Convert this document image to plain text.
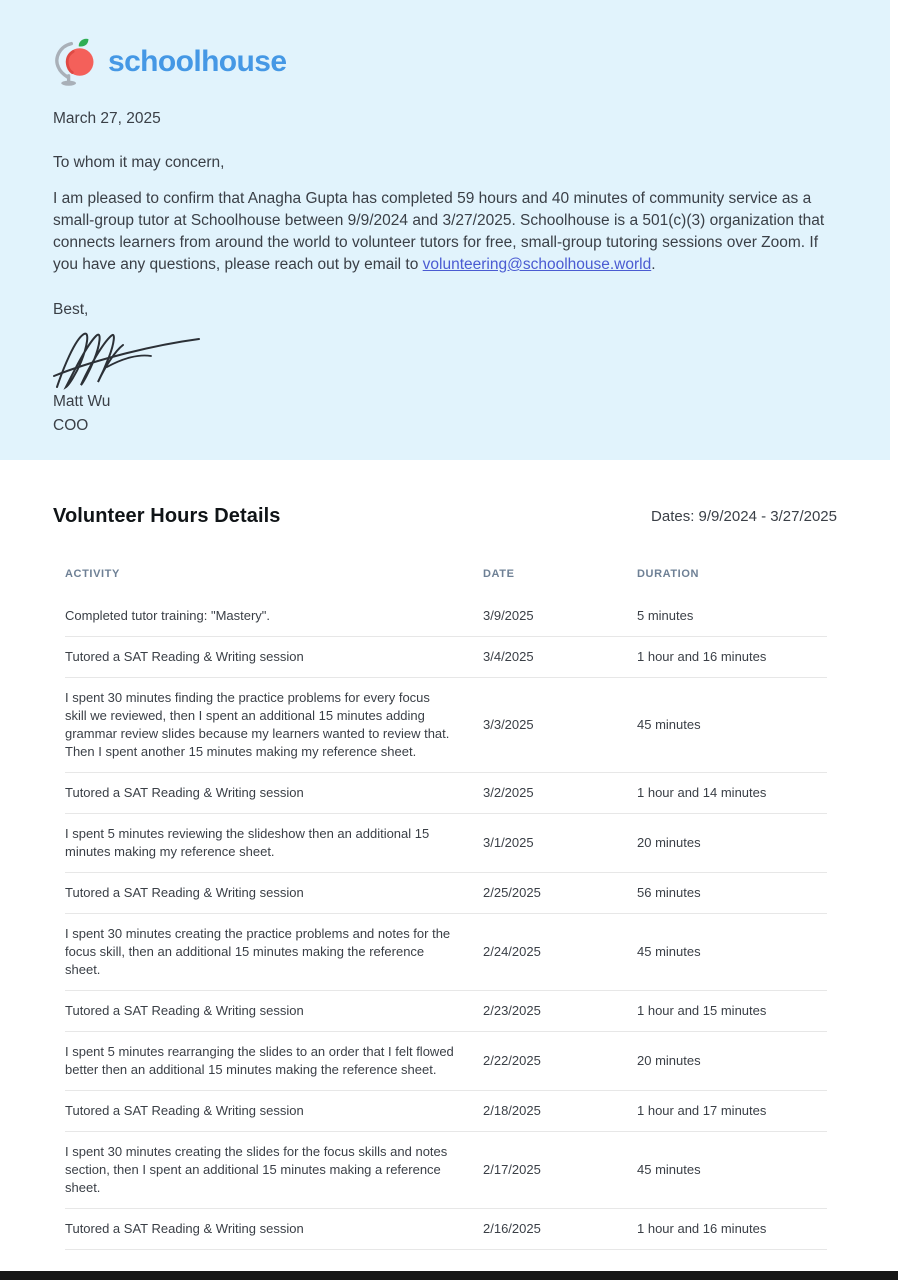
schoolhouse

March 27, 2025

To whom it may concern,

I am pleased to confirm that Anagha Gupta has completed 59 hours and 40 minutes of community service as a small-group tutor at Schoolhouse between 9/9/2024 and 3/27/2025. Schoolhouse is a 501(c)(3) organization that connects learners from around the world to volunteer tutors for free, small-group tutoring sessions over Zoom. If you have any questions, please reach out by email to volunteering@schoolhouse.world.

Best,

Matt Wu

COO

Volunteer Hours Details	Dates: 9/9/2024 - 3/27/2025
ACTIVITY	DATE	DURATION
Completed tutor training: "Mastery".	3/9/2025	5 minutes
Tutored a SAT Reading & Writing session	3/4/2025	1 hour and 16 minutes
I spent 30 minutes finding the practice problems for every focus skill we reviewed, then I spent an additional 15 minutes adding grammar review slides because my learners wanted to review that. Then I spent another 15 minutes making my reference sheet.	3/3/2025	45 minutes
Tutored a SAT Reading & Writing session	3/2/2025	1 hour and 14 minutes
I spent 5 minutes reviewing the slideshow then an additional 15 minutes making my reference sheet.	3/1/2025	20 minutes
Tutored a SAT Reading & Writing session	2/25/2025	56 minutes
I spent 30 minutes creating the practice problems and notes for the focus skill, then an additional 15 minutes making the reference sheet.	2/24/2025	45 minutes
Tutored a SAT Reading & Writing session	2/23/2025	1 hour and 15 minutes
I spent 5 minutes rearranging the slides to an order that I felt flowed better then an additional 15 minutes making the reference sheet.	2/22/2025	20 minutes
Tutored a SAT Reading & Writing session	2/18/2025	1 hour and 17 minutes
I spent 30 minutes creating the slides for the focus skills and notes section, then I spent an additional 15 minutes making a reference sheet.	2/17/2025	45 minutes
Tutored a SAT Reading & Writing session	2/16/2025	1 hour and 16 minutes
